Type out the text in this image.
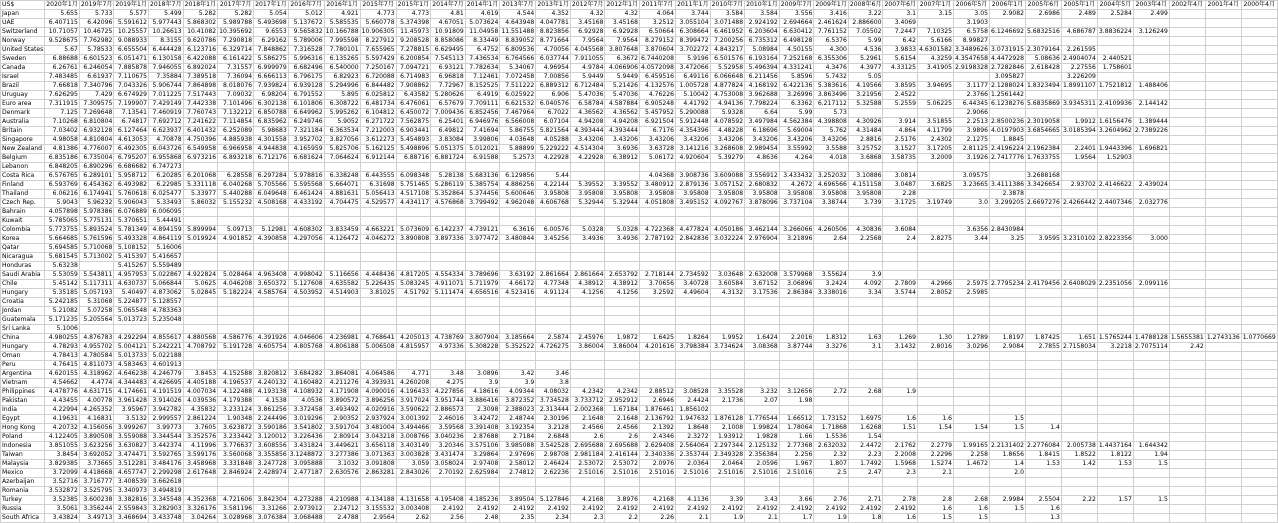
US$	2020年1月	2019年7月	2019年1月	2018年7月	2018年1月	2017年7月	2017年1月	2016年7月	2016年1月	2015年7月	2015年1月	2014年7月	2014年1月	2013年7月	2013年1月	2012年7月	2012年1月	2011年7月	2011年1月	2010年7月	2010年1月	2009年7月	2009年1月	2008年6月	2007年6月	2007年1月	2006年5月	2006年1月	2005年6月	2005年1月	2004年5月	2003年4月	2002年4月	2001年4月	2000年4月
Japan	5.655	5.733	5.577	5.499	5.282	5.282	5.054	5.012	4.921	4.773	4.773	4.81	4.619	4.544	4.352	4.32	4.32	4.064	3.744	3.584	3.584	3.556	3.416	3.22	3.1	3.15	3.05	2.9082	2.6986	2.489	2.5284	2.499			
UAE	6.407115	6.42096	5.591612	5.977443	5.868302	5.989788	5.493698	5.137672	5.585535	5.660778	5.374398	4.67051	5.073624	4.643948	4.047781	3.45168	3.45168	3.2512	3.055104	3.071488	2.924192	2.694664	2.461624	2.886600	3.4069		3.1903								
Switzerland	10.71057	10.46725	10.25557	10.26613	10.41082	10.395692	9.6553	9.565832	10.166788	10.906305	11.45973	10.91809	11.04958	11.551488	8.823856	6.92928	6.92928	6.50664	6.308664	6.461952	6.203604	6.630412	7.761152	7.05502	7.2447	7.10325	6.5758	6.1246692	5.6832516	4.686787	3.8836224	3.126249			
Norway	9.528675	7.762982	9.088933	8.3155	9.620786	7.290818	6.29162	5.789006	7.995598	8.227912	9.208528	8.858086	8.33449	8.839052	8.771664	7.9564	7.9564	8.279152	8.399472	7.200256	6.735312	6.498128	6.5376	5.99	6.42	5.6166	8.99827								
United States	5.67	5.78533	6.655504	6.444428	6.123716	6.329714	7.848862	7.316528	7.780101	7.655965	7.278815	6.629495	6.4752	6.809536	4.70056	4.045568	3.807648	3.870604	3.702272	4.843217	5.08984	4.50155	4.300	4.536	3.9833	4.6301582	3.3489626	3.0731915	2.3079164	2.261595					
Sweden	6.88688	6.601523	6.051471	6.130158	6.422088	6.161422	5.586275	5.996316	6.135265	5.597429	6.200854	7.545113	7.436534	6.764566	6.037744	7.911055	6.3672	6.7440208	5.9196	6.501576	6.193164	7.252168	6.355306	5.2961	5.6154	4.3259	4.3547658	4.4472928	5.08636	2.4904074	2.440521				
Canada	6.26761	6.246054	7.885878	7.946055	6.892024	7.31557	6.999979	6.682496	6.540000	7.250167	7.094721	6.93121	7.782634	5.34067	4.96954	4.9784	4.066906	4.0572098	3.472066	5.52958	5.496394	4.331241	4.3476	4.3977	4.33125	3.41905	2.9198328	2.7282846	2.618428	2.27556	1.758601				
Israel	7.483485	6.61937	7.110675	7.35884	7.389518	7.36094	6.666113	6.796175	6.82923	6.720088	6.714983	6.96818	7.12461	7.072458	7.00856	5.9449	5.9449	6.459516	6.49116	6.066648	6.211456	5.8596	5.7432	5.05				3.095827		3.226209					
Brazil	7.66818	7.340796	7.043326	5.906744	7.864898	8.018076	7.939824	6.939128	5.294996	6.844482	7.908862	7.72967	8.152525	7.511222	6.889312	6.712484	5.21426	4.132576	1.005728	4.877824	4.168192	6.422136	5.383616	4.19566	3.8595	3.94695	3.1177	2.1288024	1.8323494	1.8991107	1.7521812	1.488406			
Uruguay	7.626295	7.429	6.674929	7.011225	7.517443	7.09032	6.98204	6.791552	5.895	6.025812	6.43582	5.280626	6.4919	6.025922	6.906	5.47036	5.47036	4.76226	5.10042	4.753008	3.962688	3.26996	3.863496	3.21956	2.4522		2.3766	1.2561442							
Euro area	7.311915	7.309575	7.199907	7.429149	7.442338	7.101496	6.302138	6.101806	6.308722	6.481734	6.476061	6.57679	7.709111	6.621532	6.040576	6.58784	4.587884	6.905248	4.41792	4.94136	7.798224	6.3362	6.217112	5.32588	5.2559	5.06225	6.44345	6.1238276	5.6835869	3.9345311	2.4109936	2.144142			
Denmark	7.125	7.269648	7.13541	7.460919	7.760743	7.132212	6.850788	6.649962	5.995262	6.104812	6.450072	7.009436	6.852456	7.467964	6.7022	4.36562	4.36562	5.457952	5.290088	5.9328	6.64	5.99	5.73				2.9066								
Australia	7.10268	6.810804	6.74817	7.692712	7.241622	7.114854	6.835962	6.249746	5.9052	6.271722	7.562875	6.25401	6.946976	6.566008	6.07104	4.94208	4.94208	6.921504	5.912448	4.078592	3.497984	4.562384	4.398808	4.30926	3.914	3.51855	2.2513	2.8500236	2.3019058	1.9912	1.6156476	1.389444			
Britain	7.03402	6.932128	6.127464	6.623937	6.401432	6.252089	5.98683	7.321184	6.363534	7.212003	6.903441	6.49812	7.41694	5.86755	5.821564	4.393444	4.393444	6.7176	4.354396	4.48228	6.18696	5.69004	5.762	4.31484	4.864	4.11799	3.9896	4.0197903	3.6854665	3.0185394	3.2604962	2.7389226			
Singapore	4.98058	4.810804	4.613053	4.70878	4.750396	4.885938	4.301558	3.952702	3.827056	3.612273	5.454893	3.83084	3.99806	4.03648	4.05288	3.43206	3.43206	3.43206	3.43206	3.43206	3.43206	3.43206	3.43206	2.8816	2.5176	2.4302	2.1275	1.8845							
New Zealand	4.81386	4.776007	6.492305	6.043726	6.549958	6.966958	4.944838	4.165959	5.825706	5.162125	5.498896	5.051375	5.012021	5.88899	5.229222	4.514304	3.6936	3.63728	3.141216	3.268608	2.989454	3.55992	3.5588	3.25752	3.1527	3.17205	2.81125	2.4196224	2.1962384	2.2401	1.9443396	1.696821			
Belgium	6.835186	6.735004	6.795207	6.955868	6.973216	6.893218	6.712176	6.681624	7.064624	6.912144	6.88716	6.881724	6.91588	5.2573	4.22928	4.22928	6.38912	5.06172	4.920604	5.39279	4.8636	4.264	4.018	3.6868	3.58735	3.2009	3.1926	2.7417776	1.7633755	1.9564	1.52903				
Lebanon	6.848205	6.890296	6.686682	6.747273																															
Costa Rica	6.576765	6.289101	5.958712	6.20285	6.201068	6.28558	6.297284	5.978816	6.338248	6.443555	6.098348	5.28138	5.683136	6.129856	5.44			4.04368	3.908736	3.609088	3.556912	3.433432	3.252032	3.10886	3.0814		3.09575		3.2688168						
Finland	6.593769	6.454362	6.493982	6.22985	5.331118	6.040268	5.705566	5.595568	5.664071	6.31698	5.751465	5.286119	5.385754	4.886256	4.22144	5.39552	3.39552	3.480912	2.879136	3.057152	2.680832	4.2672	4.696566	4.151158	3.0487	3.6825	3.23665	3.4111386	3.3426654	2.93702	2.4146622	2.439024			
Thailand	6.06216	6.174941	5.760618	6.025477	5.33977	5.440288	6.049648	6.461424	4.881631	5.056413	4.517108	5.352864	5.374456	5.600646	3.95808	3.95808	3.95808	3.95808	3.95808	3.95808	3.95808	3.95808	3.95808	3.95808	2.28			2.3878							
Czech Rep.	5.9043	5.96232	5.906043	5.33493	5.86032	5.155232	4.508168	4.433192	4.704475	4.529577	4.434117	4.576868	3.799492	4.962048	4.606768	5.32944	5.32944	4.051808	3.495152	4.092767	3.878096	3.737104	3.38744	3.739	3.1725	3.19749	3.0	3.299205	2.6697276	2.4266442	2.4407346	2.032776			
Bahrain	4.057898	5.978386	6.076889	6.006095																															
Kuwait	5.785065	5.775131	5.370651	5.44491																															
Colombia	5.773755	5.893524	5.781349	4.894159	5.899994	5.09713	5.12981	4.608302	3.833459	4.663221	5.073609	6.142237	4.739121	6.3616	6.00576	5.0328	5.0328	4.722368	4.477824	4.050186	3.462144	3.266066	4.260506	4.30836	3.6084		3.6356	2.8430984							
Korea	5.664685	5.761596	5.493328	4.864119	5.019924	4.901852	4.390858	4.297056	4.126472	4.046272	3.890808	3.897336	3.977472	3.480844	3.45256	3.4936	3.4936	2.787192	2.842836	3.032224	2.976904	3.21896	2.64	2.2568	2.4	2.8275	3.44	3.25	3.9595	3.2310102	2.8223356	3.000			
Qatar	5.694585	5.710068	5.108152	5.16006																															
Nicaragua	5.681545	5.713002	5.415397	5.416657																															
Honduras	5.63238		5.415267	5.559489																															
Saudi Arabia	5.53059	5.543811	4.957953	5.022867	4.922824	5.028464	4.963408	4.998042	5.116656	4.448436	4.817205	4.554334	3.789696	3.63192	2.861664	2.861664	2.653792	2.718144	2.734592	3.03648	2.632008	3.579968	3.55624	3.9											
Chile	5.45142	5.117311	4.630737	5.066844	5.0625	4.046208	3.650372	5.127608	4.635582	5.226435	5.083245	4.911071	5.711979	4.66172	4.77348	4.38912	4.38912	3.70656	3.40728	3.60584	3.67152	3.06896	3.2424	4.092	2.7809	4.2966	2.5975	2.7795234	2.4179456	2.6408029	2.2351056	2.099116			
Hungary	5.35185	5.057193	5.40497	4.873062	5.02845	5.182224	4.585764	4.503952	4.514903	3.81025	4.51792	5.111474	4.656516	4.523416	4.91124	4.1256	4.1256	3.2592	4.49604	4.3132	3.17536	2.86384	3.338016	3.34	3.5744	2.8052	2.5985								
Croatia	5.242185	5.31068	5.224877	5.128557																															
Jordan	5.21082	5.07258	5.065548	4.783363																															
Guatemala	5.171235	5.205564	5.013723	5.235048																															
Sri Lanka	5.1006																																		
China	4.980255	4.876783	4.292294	4.855617	4.880568	4.586776	4.391926	4.046606	4.236981	4.768641	4.205013	4.738769	3.807904	3.185664	2.5874	2.45976	1.9872	1.6425	1.8264	1.9952	1.6424	2.2016	1.8312	1.63	1.269	1.30	1.2789	1.8197	1.87425	1.651	1.5765244	1.4788128	1.5655381	1.2743136	1.0770669
Hungary	4.78293	4.955702	5.004121	5.242221	4.708792	5.191728	4.605754	4.805768	4.806188	5.006508	4.815957	4.97336	5.308228	5.352522	4.726275	3.86004	3.86004	4.201616	3.798384	3.734624	3.08368	3.87744	3.3276	3.1	3.1432	2.8016	3.0296	2.9084	2.7855	2.7158034	3.2218	2.7075114	2.42		
Oman	4.78413	4.780584	5.013733	5.022188																															
Peru	4.76415	4.811073	4.583463	4.601913																															
Argentina	4.620155	4.318962	4.646238	4.246779	3.8453	4.152588	3.820812	3.684282	3.864081	4.064586	4.771	3.48	3.0896	3.42	3.46																				
Vietnam	4.54662	4.4774	4.344483	4.426695	4.405188	4.196537	4.240132	4.160482	4.211276	4.393931	4.260208	4.275	3.9	3.9	3.8																				
Philippines	4.478776	4.631715	4.174661	4.191519	4.007034	4.122488	4.193138	4.108932	4.171908	4.090016	4.196433	4.227856	4.18616	4.09344	4.08032	4.2342	4.2342	2.88512	3.08528	3.35528	3.232	3.12656	2.72	2.68	1.9										
Pakistan	4.43455	4.00778	3.961428	3.914026	4.039536	4.179388	4.1538	4.0536	3.890572	3.896256	3.917024	3.951744	3.886416	3.872352	3.734528	3.733712	2.952912	2.6946	2.4424	2.1736	2.07	1.98													
India	4.22994	4.265352	3.95967	3.942782	4.35832	3.233124	3.861256	3.372458	3.493492	4.020916	3.590622	2.886573	2.3098	2.388023	2.313444	2.002368	1.67184	1.876461	1.856102																
Egypt	4.19631	4.16831	3.5132	2.999557	2.861224	1.90348	2.244496	3.019296	2.90352	2.937924	3.001392	2.46016	3.42472	2.48744	2.30196	2.1648	2.1648	2.136792	1.947632	1.876128	1.776544	1.66512	1.73152	1.6975	1.6	1.6		1.5							
Hong Kong	4.20732	4.156056	3.999267	3.99773	3.7605	3.623872	3.590186	3.541802	3.591704	3.481004	3.494466	3.59568	3.391408	3.192354	3.2128	2.4566	2.4566	2.1392	1.8648	2.1008	1.99824	1.78064	1.71868	1.6268	1.51	1.54	1.54	1.5	1.4						
Poland	4.122405	3.890508	3.559088	3.344544	3.352576	3.233442	3.120012	3.226436	2.80914	3.043218	3.008766	3.040236	2.87688	2.7184	2.6848	2.6	2.6	2.4346	2.3272	1.93912	1.9828	1.66	1.5536	1.54											
Indonesia	3.851055	3.623256	3.630827	3.442374	4.11996	3.776637	3.608556	3.431824	3.449621	3.656118	3.403149	3.20346	3.575106	3.985088	3.542528	2.695688	2.695688	2.629408	2.564064	2.297344	2.125132	2.77368	2.632032	2.4472	2.1762	2.2779	1.99165	2.2131402	2.2776084	2.005738	1.4437164	1.644342			
Taiwan	3.8454	3.692052	3.474471	3.592765	3.599176	3.560068	3.355856	3.1248872	3.277386	3.071363	3.003828	3.431474	3.29864	2.97696	2.98708	2.981184	2.416144	2.340336	2.353744	2.349328	2.356384	2.256	2.32	2.23	2.2008	2.2296	2.258	1.8656	1.8415	1.8522	1.8122	1.94			
Malaysia	3.829385	3.73665	3.512281	3.484176	3.458968	3.331848	3.247728	3.095888	3.1032	3.091808	3.059	3.058024	2.97408	2.58012	2.46424	2.53072	2.53072	2.0976	2.0364	2.0464	2.0596	1.967	1.807	1.7492	1.5968	1.5274	1.4672	1.4	1.53	1.42	1.53	1.5			
Mexico	3.72099	4.418668	4.657747	2.299298	2.617648	2.846924	2.428974	2.477187	2.630576	2.863281	2.843026	2.70192	2.625984	2.74812	2.62236	2.51016	2.51016	2.51016	2.51016	2.51016	2.51016	2.51016	2.5	2.47	2.3	2.1		2.0							
Azerbaijan	3.52716	3.716777	3.408539	3.662618																															
Romania	3.532872	3.525795	3.340973	3.494819																															
Turkey	3.52385	3.600238	3.382816	3.345548	4.352368	4.721606	3.842304	4.273288	4.210988	4.134188	4.131658	4.195408	4.185236	3.89504	5.127846	4.2168	3.8976	4.2168	4.1136	3.39	3.43	3.66	2.76	2.71	2.78	2.8	2.68	2.9984	2.5504	2.22	1.57	1.5			
Russia	3.5061	3.356244	2.559843	3.282903	3.326176	3.581196	3.31266	2.973912	2.24712	3.155532	3.003408	2.4192	2.4192	2.4192	2.4192	2.4192	2.4192	2.4192	2.4192	2.4192	2.4192	2.4192	2.4192	2.4192	2.4192	1.6	1.6	1.5	1.6						
South Africa	3.43824	3.49713	3.468694	3.433748	3.04264	3.028968	3.076384	3.068488	2.4788	2.9564	2.62	2.56	2.48	2.35	2.34	2.3	2.2	2.26	2.1	1.9	2.1	1.7	1.9	1.8	1.6	1.5	1.5		1.3						
